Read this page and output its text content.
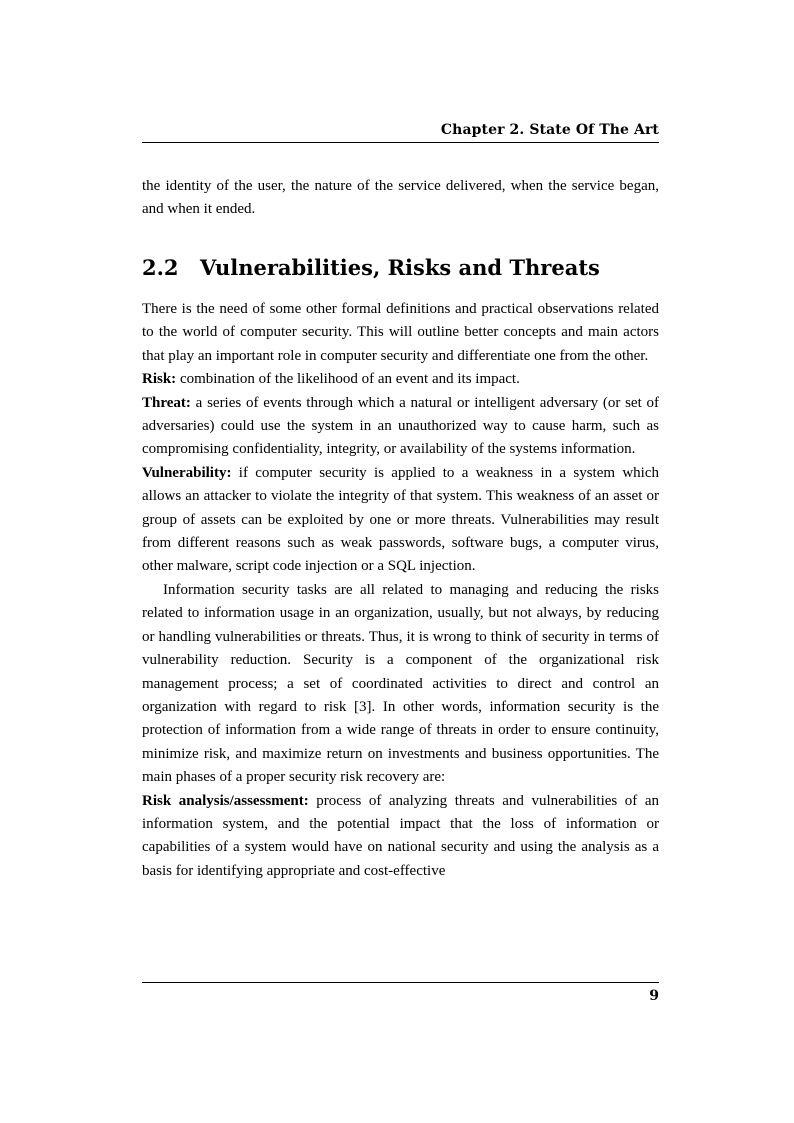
Chapter 2. State Of The Art

the identity of the user, the nature of the service delivered, when the service began, and when it ended.

2.2 Vulnerabilities, Risks and Threats

There is the need of some other formal definitions and practical observations related to the world of computer security. This will outline better concepts and main actors that play an important role in computer security and differentiate one from the other.

Risk: combination of the likelihood of an event and its impact.

Threat: a series of events through which a natural or intelligent adversary (or set of adversaries) could use the system in an unauthorized way to cause harm, such as compromising confidentiality, integrity, or availability of the systems information.

Vulnerability: if computer security is applied to a weakness in a system which allows an attacker to violate the integrity of that system. This weakness of an asset or group of assets can be exploited by one or more threats. Vulnerabilities may result from different reasons such as weak passwords, software bugs, a computer virus, other malware, script code injection or a SQL injection.

Information security tasks are all related to managing and reducing the risks related to information usage in an organization, usually, but not always, by reducing or handling vulnerabilities or threats. Thus, it is wrong to think of security in terms of vulnerability reduction. Security is a component of the organizational risk management process; a set of coordinated activities to direct and control an organization with regard to risk [3]. In other words, information security is the protection of information from a wide range of threats in order to ensure continuity, minimize risk, and maximize return on investments and business opportunities. The main phases of a proper security risk recovery are:

Risk analysis/assessment: process of analyzing threats and vulnerabilities of an information system, and the potential impact that the loss of information or capabilities of a system would have on national security and using the analysis as a basis for identifying appropriate and cost-effective

9
